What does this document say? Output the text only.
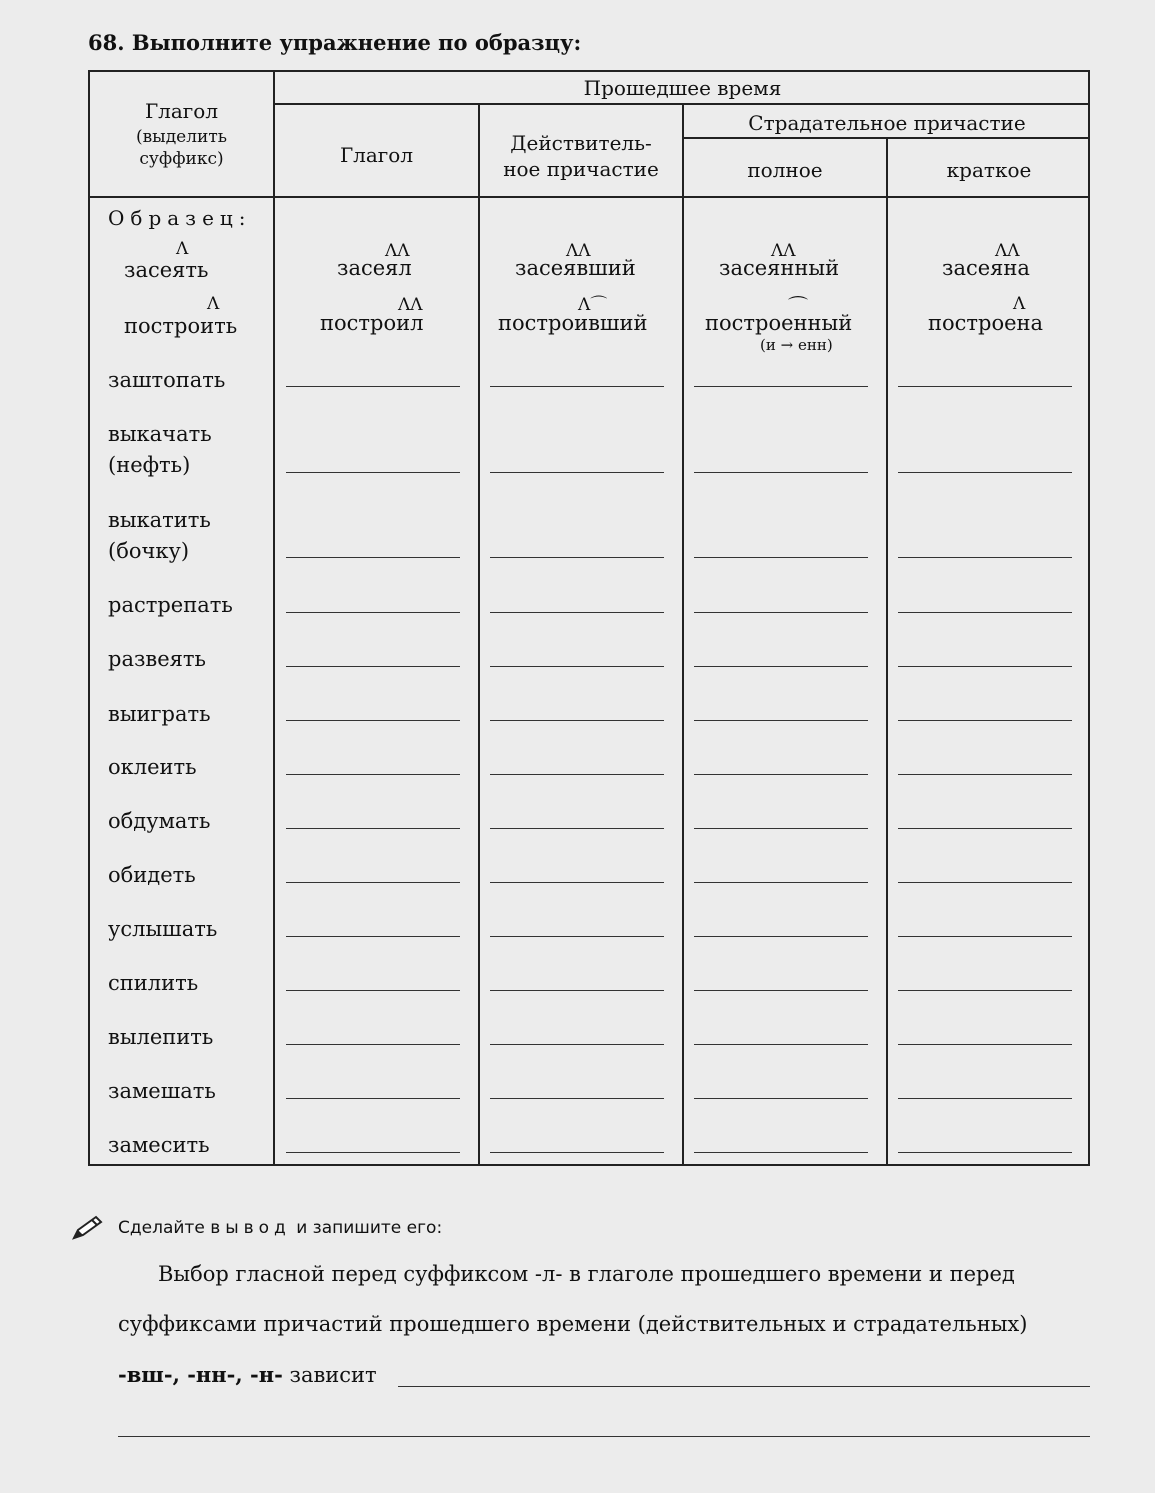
68. Выполните упражнение по образцу:
Глагол
(выделить суффикс)
Прошедшее время
Глагол	Действитель-
ное причастие
Страдательное причастие
полное	краткое
Образец:
засеять
Λ
засеял
ΛΛ
засеявший
ΛΛ
засеянный
ΛΛ
засеяна
ΛΛ
построить
Λ
построил
ΛΛ
построивший
Λ⌒
построенный
⌒
(и → енн)
построена
Λ
заштопать
выкачать
(нефть)
выкатить
(бочку)
растрепать
развеять
выиграть
оклеить
обдумать
обидеть
услышать
спилить
вылепить
замешать
замесить
Сделайте вывод и запишите его:
Выбор гласной перед суффиксом -л- в глаголе прошедшего времени и перед
суффиксами причастий прошедшего времени (действительных и страдательных)
-вш-, -нн-, -н- зависит
